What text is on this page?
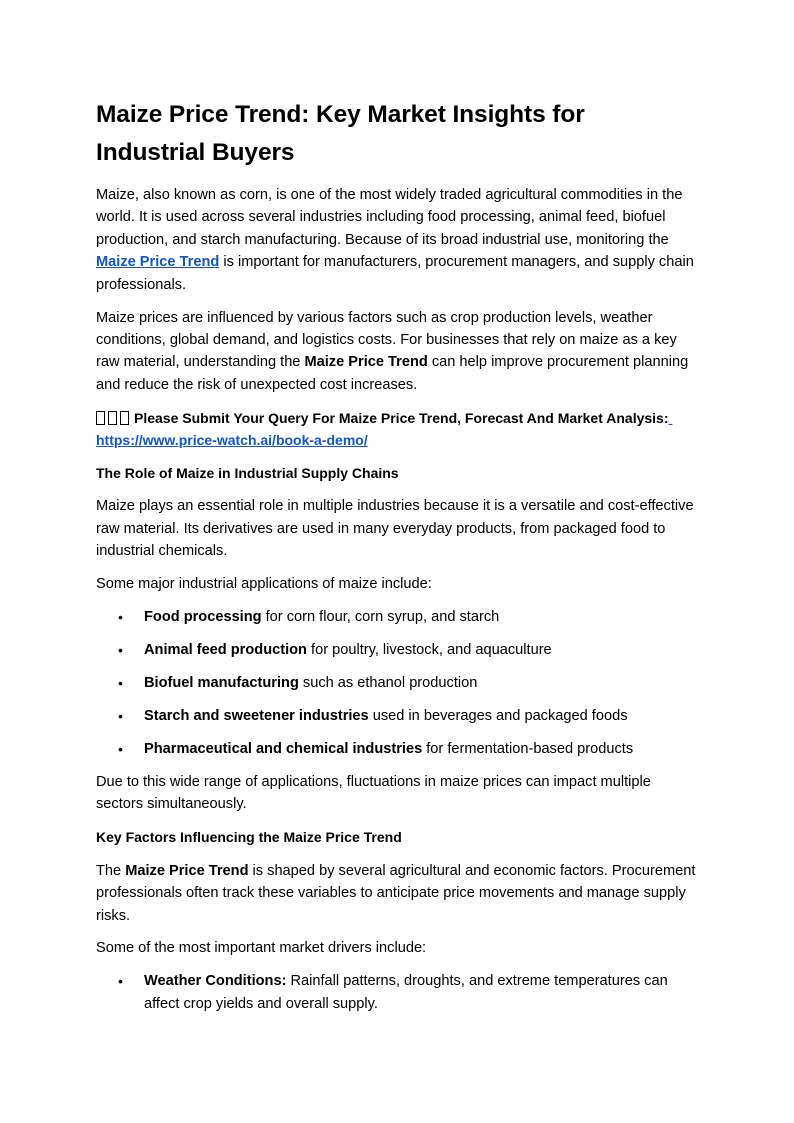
Maize Price Trend: Key Market Insights for Industrial Buyers

Maize, also known as corn, is one of the most widely traded agricultural commodities in the world. It is used across several industries including food processing, animal feed, biofuel production, and starch manufacturing. Because of its broad industrial use, monitoring the Maize Price Trend is important for manufacturers, procurement managers, and supply chain professionals.

Maize prices are influenced by various factors such as crop production levels, weather conditions, global demand, and logistics costs. For businesses that rely on maize as a key raw material, understanding the Maize Price Trend can help improve procurement planning and reduce the risk of unexpected cost increases.

Please Submit Your Query For Maize Price Trend, Forecast And Market Analysis:
https://www.price-watch.ai/book-a-demo/

The Role of Maize in Industrial Supply Chains

Maize plays an essential role in multiple industries because it is a versatile and cost-effective raw material. Its derivatives are used in many everyday products, from packaged food to industrial chemicals.

Some major industrial applications of maize include:

• Food processing for corn flour, corn syrup, and starch
• Animal feed production for poultry, livestock, and aquaculture
• Biofuel manufacturing such as ethanol production
• Starch and sweetener industries used in beverages and packaged foods
• Pharmaceutical and chemical industries for fermentation-based products

Due to this wide range of applications, fluctuations in maize prices can impact multiple sectors simultaneously.

Key Factors Influencing the Maize Price Trend

The Maize Price Trend is shaped by several agricultural and economic factors. Procurement professionals often track these variables to anticipate price movements and manage supply risks.

Some of the most important market drivers include:

• Weather Conditions: Rainfall patterns, droughts, and extreme temperatures can affect crop yields and overall supply.
